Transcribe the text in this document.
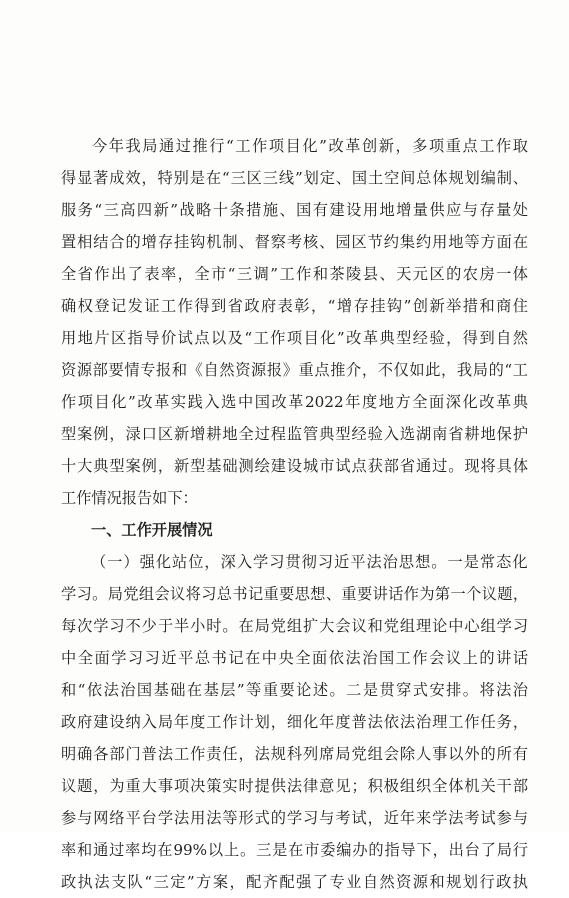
今年我局通过推行“工作项目化”改革创新，多项重点工作取
得显著成效，特别是在“三区三线”划定、国土空间总体规划编制、
服务“三高四新”战略十条措施、国有建设用地增量供应与存量处
置相结合的增存挂钩机制、督察考核、园区节约集约用地等方面在
全省作出了表率，全市“三调”工作和茶陵县、天元区的农房一体
确权登记发证工作得到省政府表彰，“增存挂钩”创新举措和商住
用地片区指导价试点以及“工作项目化”改革典型经验，得到自然
资源部要情专报和《自然资源报》重点推介，不仅如此，我局的“工
作项目化”改革实践入选中国改革2022年度地方全面深化改革典
型案例，渌口区新增耕地全过程监管典型经验入选湖南省耕地保护
十大典型案例，新型基础测绘建设城市试点获部省通过。现将具体
工作情况报告如下：
一、工作开展情况
（一）强化站位，深入学习贯彻习近平法治思想。一是常态化
学习。局党组会议将习总书记重要思想、重要讲话作为第一个议题，
每次学习不少于半小时。在局党组扩大会议和党组理论中心组学习
中全面学习习近平总书记在中央全面依法治国工作会议上的讲话
和“依法治国基础在基层”等重要论述。二是贯穿式安排。将法治
政府建设纳入局年度工作计划，细化年度普法依法治理工作任务，
明确各部门普法工作责任，法规科列席局党组会除人事以外的所有
议题，为重大事项决策实时提供法律意见；积极组织全体机关干部
参与网络平台学法用法等形式的学习与考试，近年来学法考试参与
率和通过率均在99%以上。三是在市委编办的指导下，出台了局行
政执法支队“三定”方案，配齐配强了专业自然资源和规划行政执
